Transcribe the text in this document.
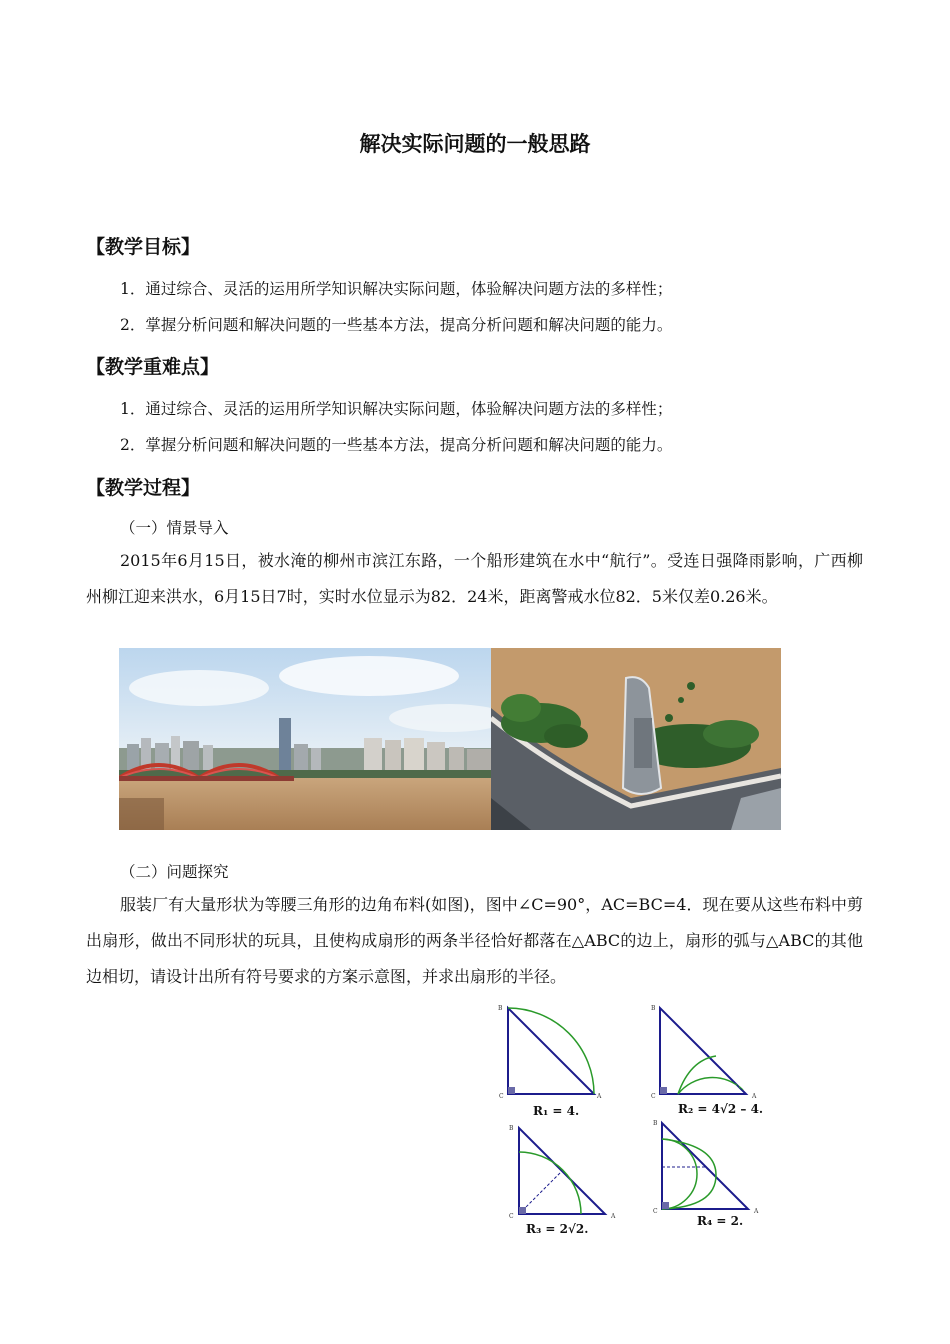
解决实际问题的一般思路
【教学目标】
1．通过综合、灵活的运用所学知识解决实际问题，体验解决问题方法的多样性；
2．掌握分析问题和解决问题的一些基本方法，提高分析问题和解决问题的能力。
【教学重难点】
1．通过综合、灵活的运用所学知识解决实际问题，体验解决问题方法的多样性；
2．掌握分析问题和解决问题的一些基本方法，提高分析问题和解决问题的能力。
【教学过程】
（一）情景导入
2015年6月15日，被水淹的柳州市滨江东路，一个船形建筑在水中“航行”。受连日强降雨影响，广西柳州柳江迎来洪水，6月15日7时，实时水位显示为82．24米，距离警戒水位82．5米仅差0.26米。
（二）问题探究
服装厂有大量形状为等腰三角形的边角布料(如图)，图中∠C=90°，AC=BC=4．现在要从这些布料中剪出扇形，做出不同形状的玩具，且使构成扇形的两条半径恰好都落在△ABC的边上，扇形的弧与△ABC的其他边相切，请设计出所有符号要求的方案示意图，并求出扇形的半径。
B
C	A
R₁ = 4.
B
C	A
R₂ = 4√2 – 4.
B
C	A
R₃ = 2√2.
B
C	A
R₄ = 2.
